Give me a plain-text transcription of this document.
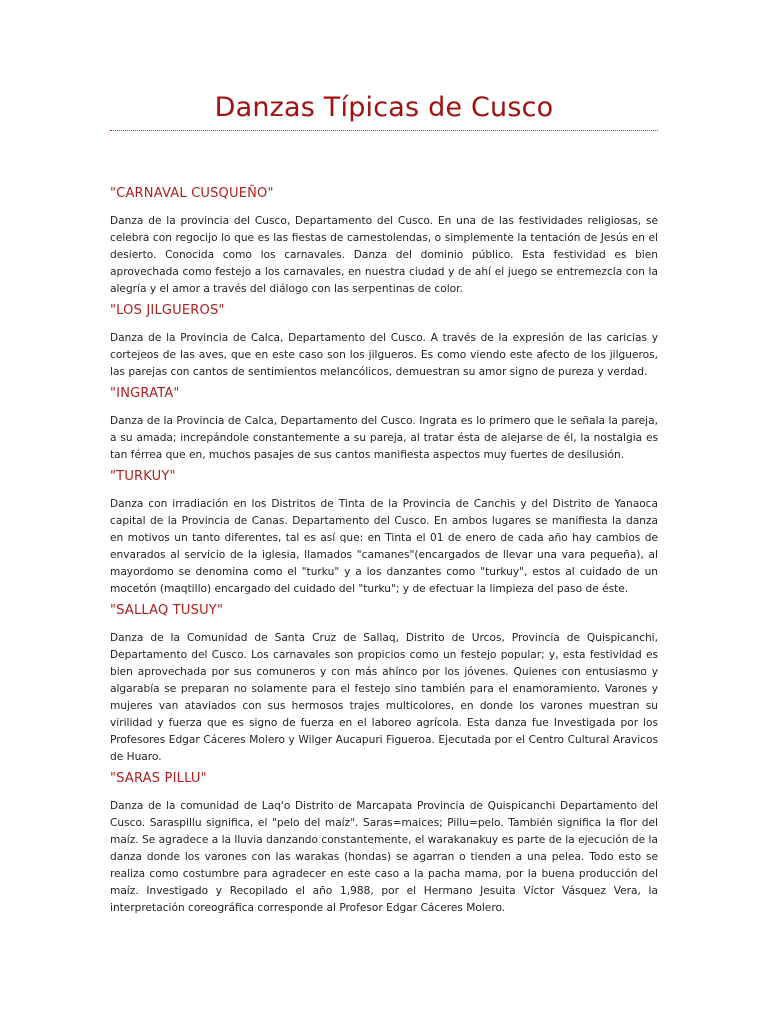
Danzas Típicas de Cusco
"CARNAVAL CUSQUEÑO"

Danza de la provincia del Cusco, Departamento del Cusco. En una de las festividades religiosas, se celebra con regocijo lo que es las fiestas de carnestolendas, o simplemente la tentación de Jesús en el desierto. Conocida como los carnavales. Danza del dominio público. Esta festividad es bien aprovechada como festejo a los carnavales, en nuestra ciudad y de ahí el juego se entremezcla con la alegría y el amor a través del diálogo con las serpentinas de color.

"LOS JILGUEROS"

Danza de la Provincia de Calca, Departamento del Cusco. A través de la expresión de las caricias y cortejeos de las aves, que en este caso son los jilgueros. Es como viendo este afecto de los jilgueros, las parejas con cantos de sentimientos melancólicos, demuestran su amor signo de pureza y verdad.

"INGRATA"

Danza de la Provincia de Calca, Departamento del Cusco. Ingrata es lo primero que le señala la pareja, a su amada; increpándole constantemente a su pareja, al tratar ésta de alejarse de él, la nostalgia es tan férrea que en, muchos pasajes de sus cantos manifiesta aspectos muy fuertes de desilusión.

"TURKUY"

Danza con irradiación en los Distritos de Tinta de la Provincia de Canchis y del Distrito de Yanaoca capital de la Provincia de Canas. Departamento del Cusco. En ambos lugares se manifiesta la danza en motivos un tanto diferentes, tal es así que: en Tinta el 01 de enero de cada año hay cambios de envarados al servicio de la iglesia, llamados "camanes"(encargados de llevar una vara pequeña), al mayordomo se denomina como el "turku" y a los danzantes como "turkuy", estos al cuidado de un mocetón (maqtillo) encargado del cuidado del "turku"; y de efectuar la limpieza del paso de éste.

"SALLAQ TUSUY"

Danza de la Comunidad de Santa Cruz de Sallaq, Distrito de Urcos, Provincia de Quispicanchi, Departamento del Cusco. Los carnavales son propicios como un festejo popular; y, esta festividad es bien aprovechada por sus comuneros y con más ahínco por los jóvenes. Quienes con entusiasmo y algarabía se preparan no solamente para el festejo sino también para el enamoramiento. Varones y mujeres van ataviados con sus hermosos trajes multicolores, en donde los varones muestran su virilidad y fuerza que es signo de fuerza en el laboreo agrícola. Esta danza fue Investigada por los Profesores Edgar Cáceres Molero y Wilger Aucapuri Figueroa. Ejecutada por el Centro Cultural Aravicos de Huaro.

"SARAS PILLU"

Danza de la comunidad de Laq'o Distrito de Marcapata Provincia de Quispicanchi Departamento del Cusco. Saraspillu significa, el "pelo del maíz". Saras=maices; Pillu=pelo. También significa la flor del maíz. Se agradece a la lluvia danzando constantemente, el warakanakuy es parte de la ejecución de la danza donde los varones con las warakas (hondas) se agarran o tienden a una pelea. Todo esto se realiza como costumbre para agradecer en este caso a la pacha mama, por la buena producción del maíz. Investigado y Recopilado el año 1,988, por el Hermano Jesuita Víctor Vásquez Vera, la interpretación coreográfica corresponde al Profesor Edgar Cáceres Molero.
